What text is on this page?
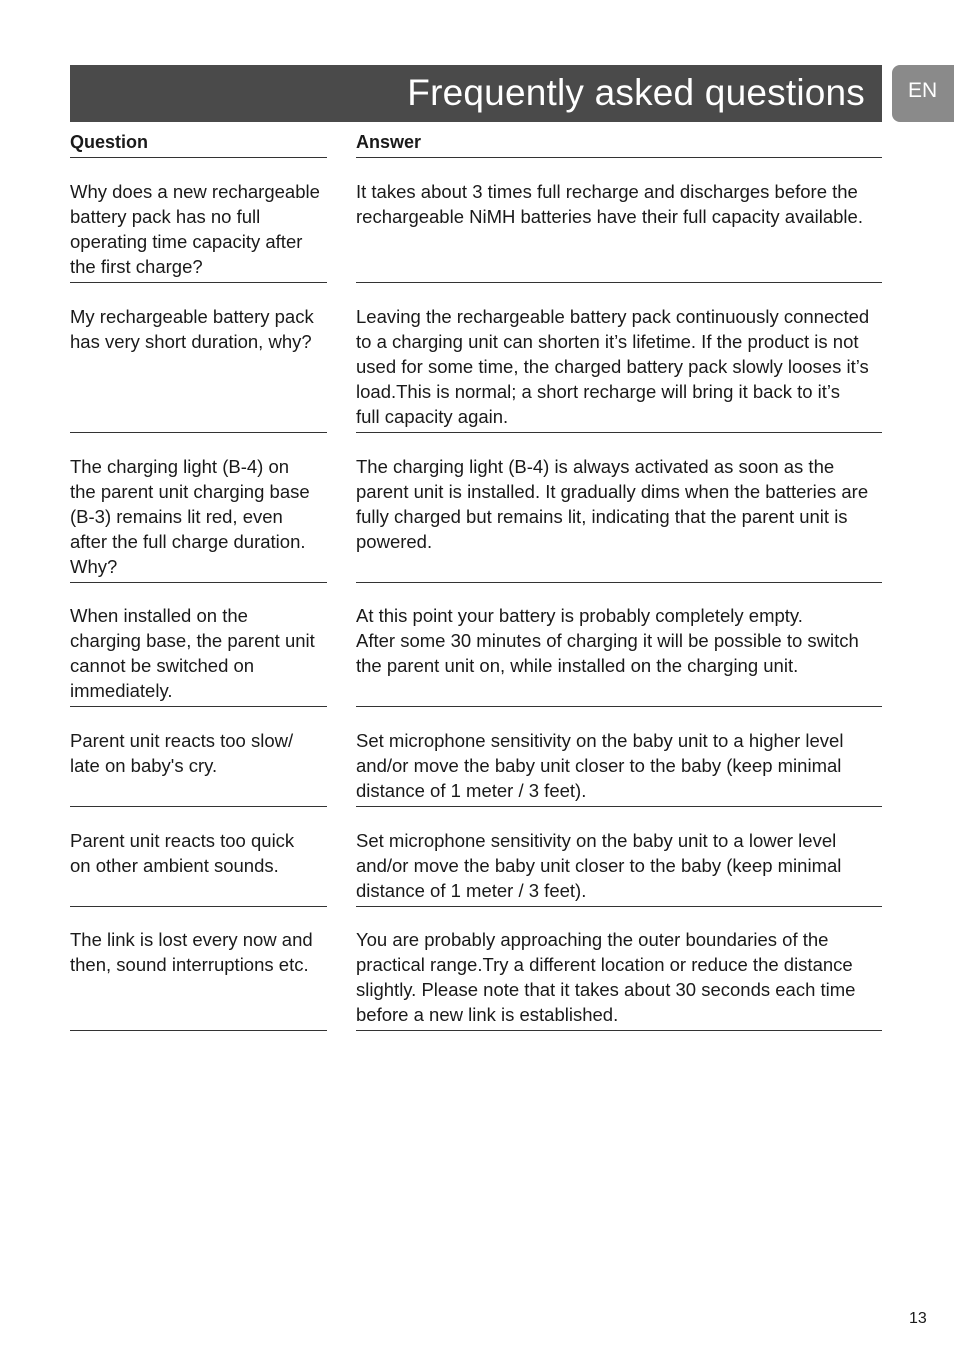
Frequently asked questions EN
Question	Answer
Why does a new rechargeable
battery pack has no full
operating time capacity after
the first charge?
It takes about 3 times full recharge and discharges before the
rechargeable NiMH batteries have their full capacity available.
My rechargeable battery pack
has very short duration, why?
Leaving the rechargeable battery pack continuously connected
to a charging unit can shorten it’s lifetime. If the product is not
used for some time, the charged battery pack slowly looses it’s
load.This is normal; a short recharge will bring it back to it’s
full capacity again.
The charging light (B-4) on
the parent unit charging base
(B-3) remains lit red, even
after the full charge duration.
Why?
The charging light (B-4) is always activated as soon as the
parent unit is installed. It gradually dims when the batteries are
fully charged but remains lit, indicating that the parent unit is
powered.
When installed on the
charging base, the parent unit
cannot be switched on
immediately.
At this point your battery is probably completely empty.
After some 30 minutes of charging it will be possible to switch
the parent unit on, while installed on the charging unit.
Parent unit reacts too slow/
late on baby's cry.
Set microphone sensitivity on the baby unit to a higher level
and/or move the baby unit closer to the baby (keep minimal
distance of 1 meter / 3 feet).
Parent unit reacts too quick
on other ambient sounds.
Set microphone sensitivity on the baby unit to a lower level
and/or move the baby unit closer to the baby (keep minimal
distance of 1 meter / 3 feet).
The link is lost every now and
then, sound interruptions etc.
You are probably approaching the outer boundaries of the
practical range.Try a different location or reduce the distance
slightly. Please note that it takes about 30 seconds each time
before a new link is established.
13
